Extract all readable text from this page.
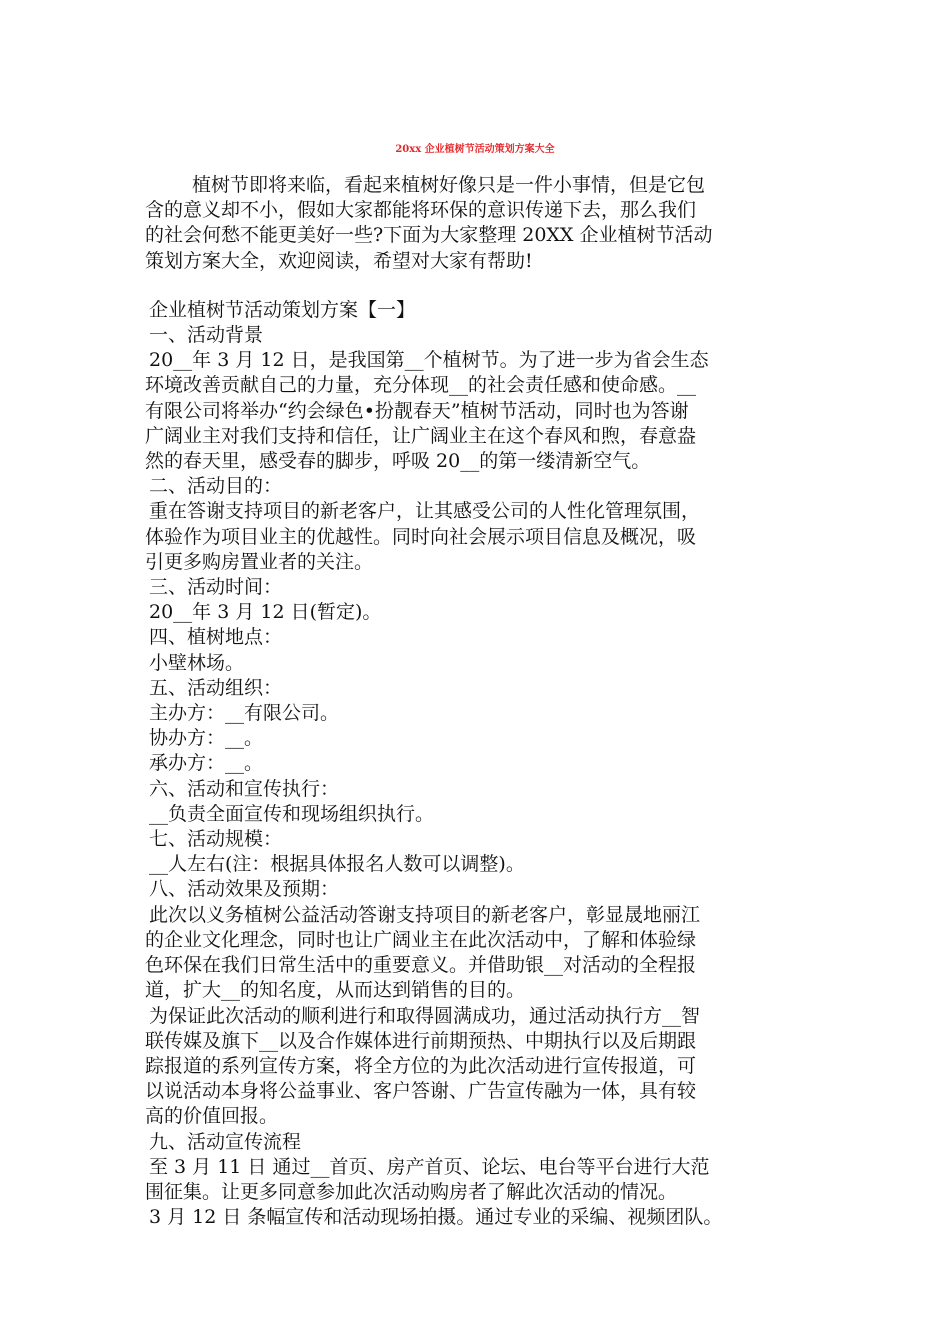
20xx 企业植树节活动策划方案大全

植树节即将来临，看起来植树好像只是一件小事情，但是它包

含的意义却不小，假如大家都能将环保的意识传递下去，那么我们

的社会何愁不能更美好一些?下面为大家整理 20XX 企业植树节活动

策划方案大全，欢迎阅读，希望对大家有帮助!

企业植树节活动策划方案【一】

一、活动背景

20__年 3 月 12 日，是我国第__个植树节。为了进一步为省会生态

环境改善贡献自己的力量，充分体现__的社会责任感和使命感。__

有限公司将举办“约会绿色•扮靓春天”植树节活动，同时也为答谢

广阔业主对我们支持和信任，让广阔业主在这个春风和煦，春意盎

然的春天里，感受春的脚步，呼吸 20__的第一缕清新空气。

二、活动目的：

重在答谢支持项目的新老客户，让其感受公司的人性化管理氛围，

体验作为项目业主的优越性。同时向社会展示项目信息及概况，吸

引更多购房置业者的关注。

三、活动时间：

20__年 3 月 12 日(暂定)。

四、植树地点：

小壁林场。

五、活动组织：

主办方：__有限公司。

协办方：__。

承办方：__。

六、活动和宣传执行：

__负责全面宣传和现场组织执行。

七、活动规模：

__人左右(注：根据具体报名人数可以调整)。

八、活动效果及预期：

此次以义务植树公益活动答谢支持项目的新老客户，彰显晟地丽江

的企业文化理念，同时也让广阔业主在此次活动中，了解和体验绿

色环保在我们日常生活中的重要意义。并借助银__对活动的全程报

道，扩大__的知名度，从而达到销售的目的。

为保证此次活动的顺利进行和取得圆满成功，通过活动执行方__智

联传媒及旗下__以及合作媒体进行前期预热、中期执行以及后期跟

踪报道的系列宣传方案，将全方位的为此次活动进行宣传报道，可

以说活动本身将公益事业、客户答谢、广告宣传融为一体，具有较

高的价值回报。

九、活动宣传流程

至 3 月 11 日 通过__首页、房产首页、论坛、电台等平台进行大范

围征集。让更多同意参加此次活动购房者了解此次活动的情况。

3 月 12 日 条幅宣传和活动现场拍摄。通过专业的采编、视频团队。
